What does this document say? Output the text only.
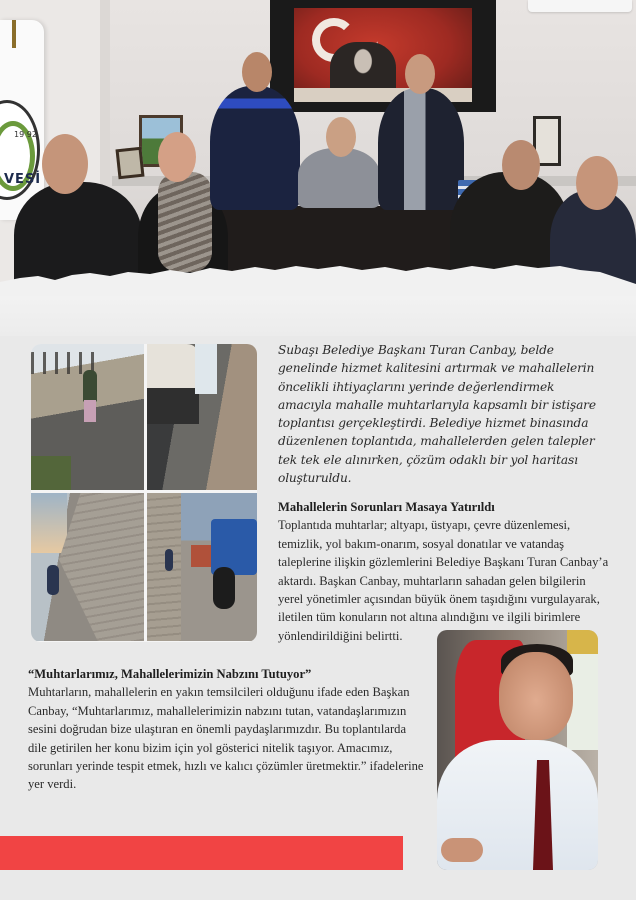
19 92
VESİ

Subaşı Belediye Başkanı Turan Canbay, belde genelinde hizmet kalitesini artırmak ve mahallelerin öncelikli ihtiyaçlarını yerinde değerlendirmek amacıyla mahalle muhtarlarıyla kapsamlı bir istişare toplantısı gerçekleştirdi. Belediye hizmet binasında düzenlenen toplantıda, mahallelerden gelen talepler tek tek ele alınırken, çözüm odaklı bir yol haritası oluşturuldu.

Mahallelerin Sorunları Masaya Yatırıldı

Toplantıda muhtarlar; altyapı, üstyapı, çevre düzenlemesi, temizlik, yol bakım-onarım, sosyal donatılar ve vatandaş taleplerine ilişkin gözlemlerini Belediye Başkanı Turan Canbay’a aktardı. Başkan Canbay, muhtarların sahadan gelen bilgilerin yerel yönetimler açısından büyük önem taşıdığını vurgulayarak, iletilen tüm konuların not altına alındığını ve ilgili birimlere yönlendirildiğini belirtti.

“Muhtarlarımız, Mahallelerimizin Nabzını Tutuyor”

Muhtarların, mahallelerin en yakın temsilcileri olduğunu ifade eden Başkan Canbay, “Muhtarlarımız, mahallelerimizin nabzını tutan, vatandaşlarımızın sesini doğrudan bize ulaştıran en önemli paydaşlarımızdır. Bu toplantılarda dile getirilen her konu bizim için yol gösterici nitelik taşıyor. Amacımız, sorunları yerinde tespit etmek, hızlı ve kalıcı çözümler üretmektir.” ifadelerine yer verdi.
